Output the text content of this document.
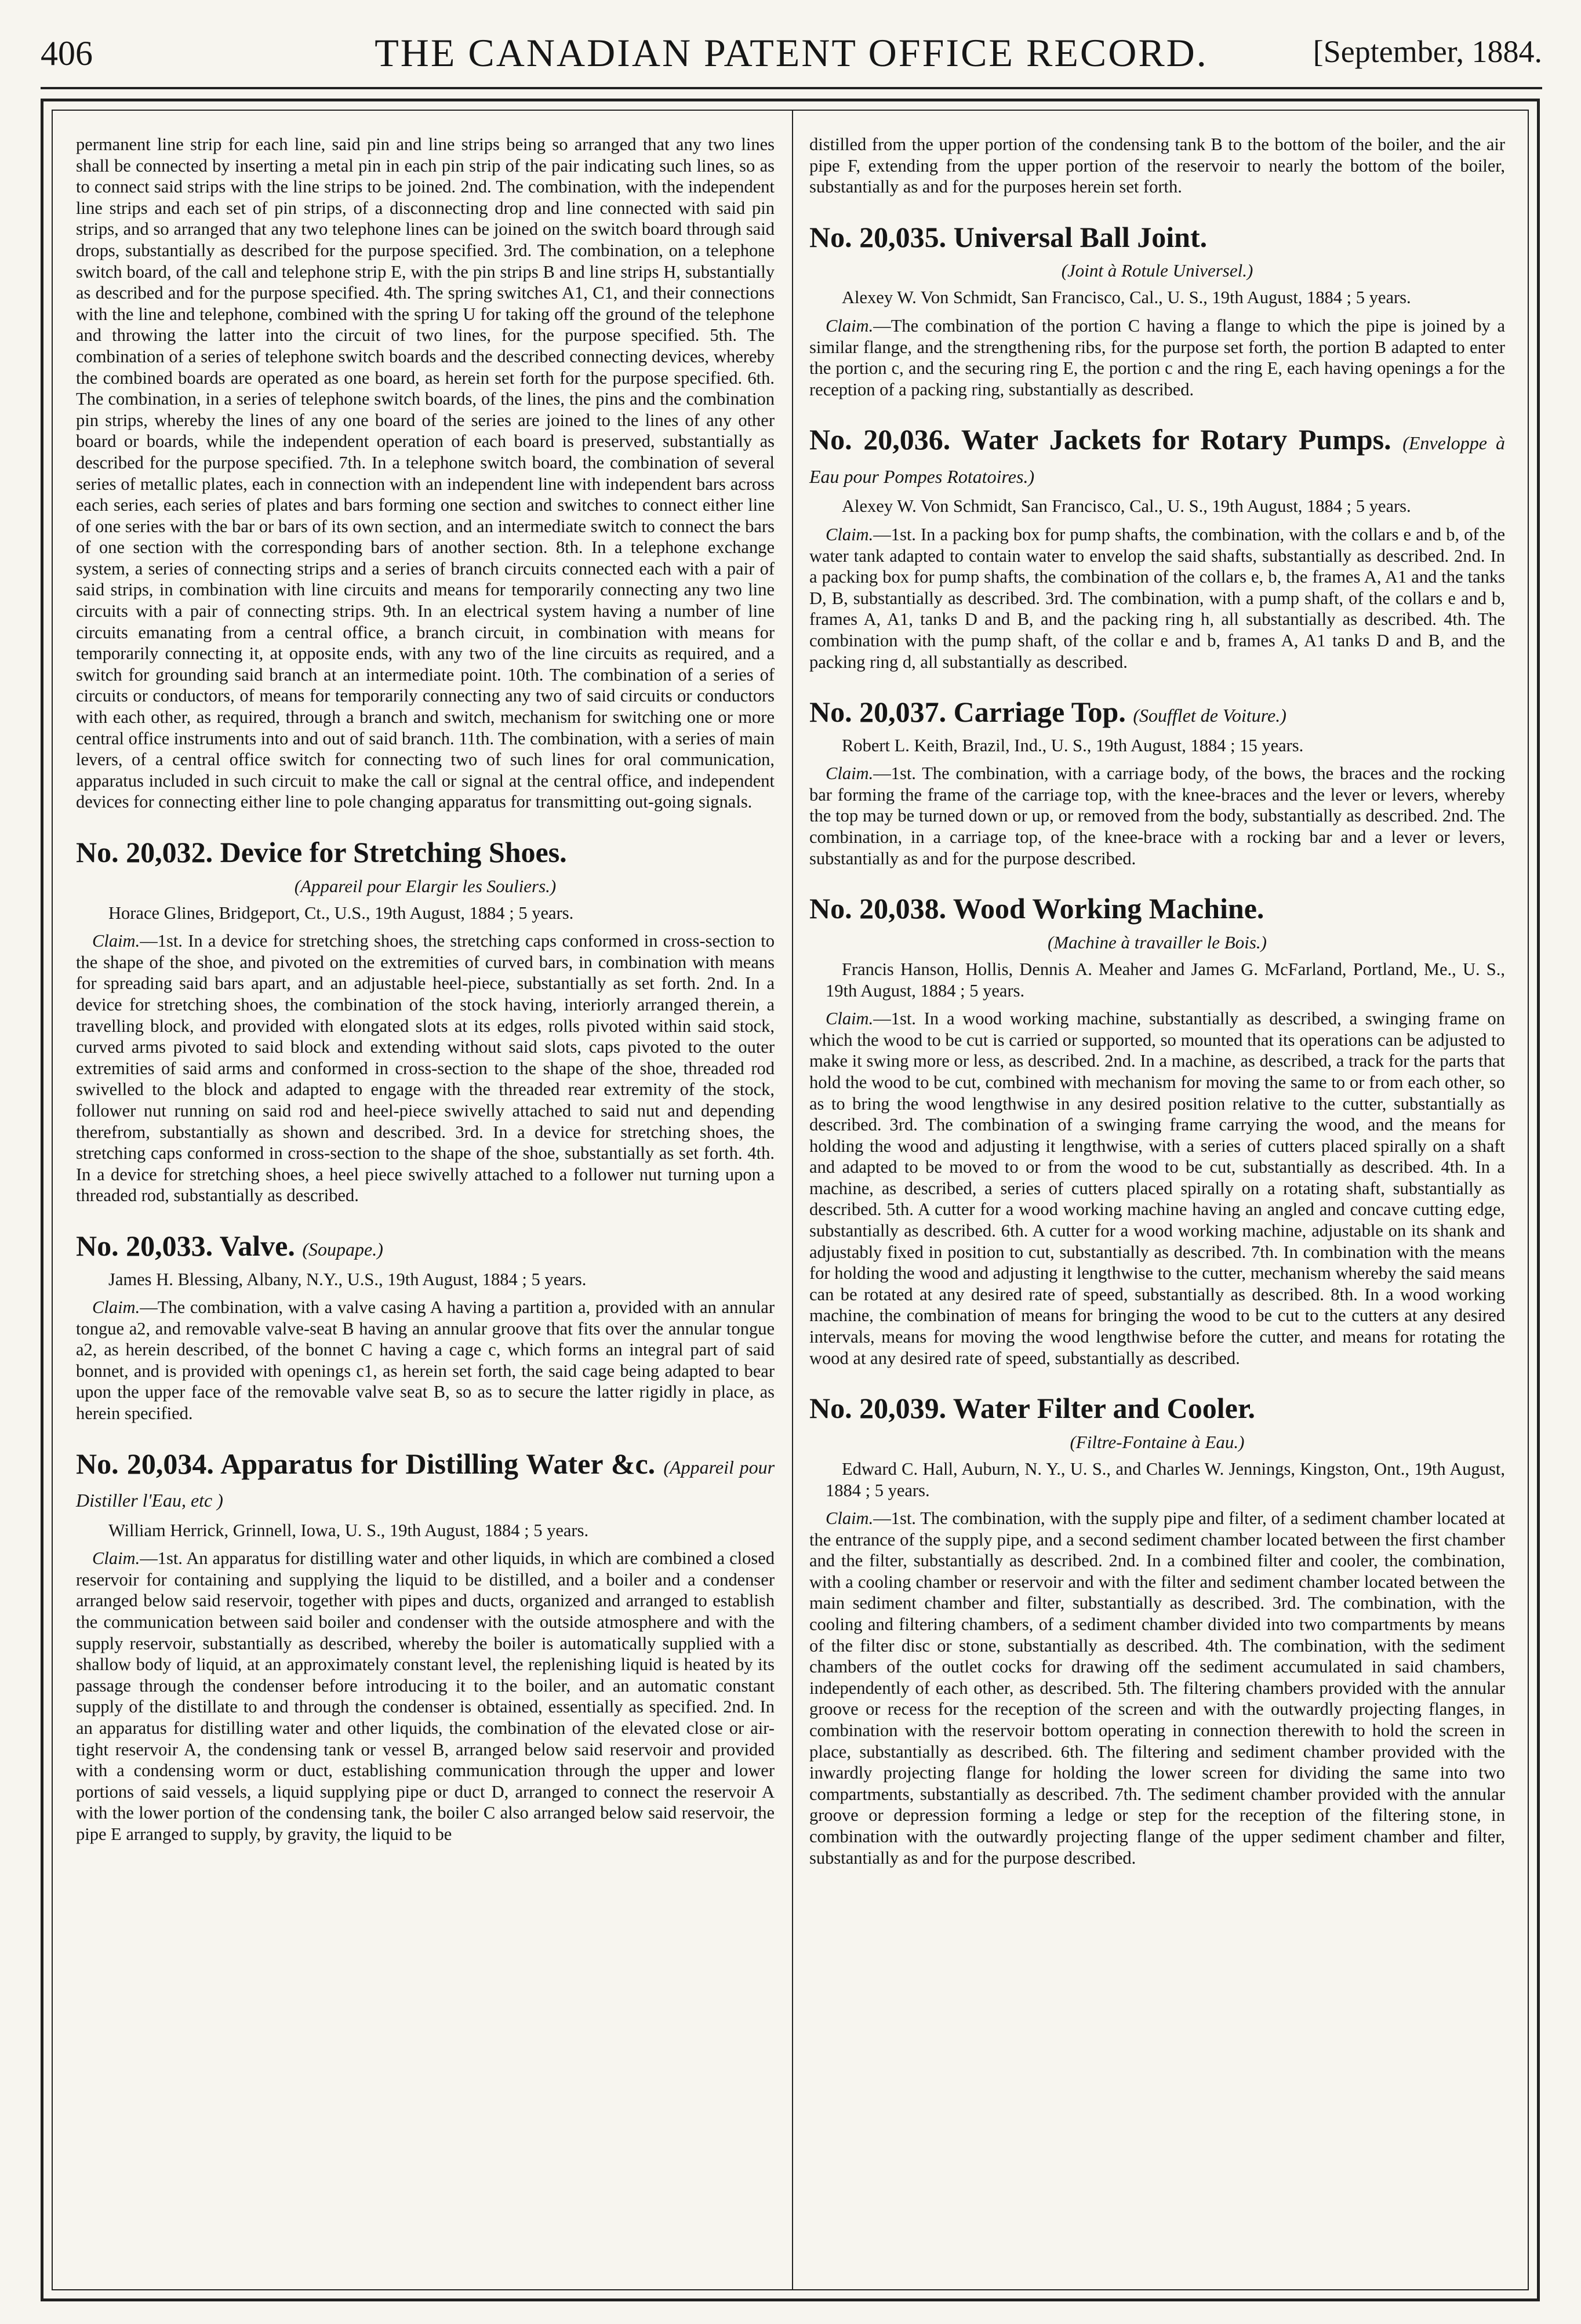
406	THE CANADIAN PATENT OFFICE RECORD.	[September, 1884.

permanent line strip for each line, said pin and line strips being so arranged that any two lines shall be connected by inserting a metal pin in each pin strip of the pair indicating such lines, so as to connect said strips with the line strips to be joined. 2nd. The combination, with the independent line strips and each set of pin strips, of a disconnecting drop and line connected with said pin strips, and so arranged that any two telephone lines can be joined on the switch board through said drops, substantially as described for the purpose specified. 3rd. The combination, on a telephone switch board, of the call and telephone strip E, with the pin strips B and line strips H, substantially as described and for the purpose specified. 4th. The spring switches A1, C1, and their connections with the line and telephone, combined with the spring U for taking off the ground of the telephone and throwing the latter into the circuit of two lines, for the purpose specified. 5th. The combination of a series of telephone switch boards and the described connecting devices, whereby the combined boards are operated as one board, as herein set forth for the purpose specified. 6th. The combination, in a series of telephone switch boards, of the lines, the pins and the combination pin strips, whereby the lines of any one board of the series are joined to the lines of any other board or boards, while the independent operation of each board is preserved, substantially as described for the purpose specified. 7th. In a telephone switch board, the combination of several series of metallic plates, each in connection with an independent line with independent bars across each series, each series of plates and bars forming one section and switches to connect either line of one series with the bar or bars of its own section, and an intermediate switch to connect the bars of one section with the corresponding bars of another section. 8th. In a telephone exchange system, a series of connecting strips and a series of branch circuits connected each with a pair of said strips, in combination with line circuits and means for temporarily connecting any two line circuits with a pair of connecting strips. 9th. In an electrical system having a number of line circuits emanating from a central office, a branch circuit, in combination with means for temporarily connecting it, at opposite ends, with any two of the line circuits as required, and a switch for grounding said branch at an intermediate point. 10th. The combination of a series of circuits or conductors, of means for temporarily connecting any two of said circuits or conductors with each other, as required, through a branch and switch, mechanism for switching one or more central office instruments into and out of said branch. 11th. The combination, with a series of main levers, of a central office switch for connecting two of such lines for oral communication, apparatus included in such circuit to make the call or signal at the central office, and independent devices for connecting either line to pole changing apparatus for transmitting out-going signals.

No. 20,032. Device for Stretching Shoes.
(Appareil pour Elargir les Souliers.)

Horace Glines, Bridgeport, Ct., U.S., 19th August, 1884 ; 5 years.

Claim.—1st. In a device for stretching shoes, the stretching caps conformed in cross-section to the shape of the shoe, and pivoted on the extremities of curved bars, in combination with means for spreading said bars apart, and an adjustable heel-piece, substantially as set forth. 2nd. In a device for stretching shoes, the combination of the stock having, interiorly arranged therein, a travelling block, and provided with elongated slots at its edges, rolls pivoted within said stock, curved arms pivoted to said block and extending without said slots, caps pivoted to the outer extremities of said arms and conformed in cross-section to the shape of the shoe, threaded rod swivelled to the block and adapted to engage with the threaded rear extremity of the stock, follower nut running on said rod and heel-piece swivelly attached to said nut and depending therefrom, substantially as shown and described. 3rd. In a device for stretching shoes, the stretching caps conformed in cross-section to the shape of the shoe, substantially as set forth. 4th. In a device for stretching shoes, a heel piece swivelly attached to a follower nut turning upon a threaded rod, substantially as described.

No. 20,033. Valve. (Soupape.)

James H. Blessing, Albany, N.Y., U.S., 19th August, 1884 ; 5 years.

Claim.—The combination, with a valve casing A having a partition a, provided with an annular tongue a2, and removable valve-seat B having an annular groove that fits over the annular tongue a2, as herein described, of the bonnet C having a cage c, which forms an integral part of said bonnet, and is provided with openings c1, as herein set forth, the said cage being adapted to bear upon the upper face of the removable valve seat B, so as to secure the latter rigidly in place, as herein specified.

No. 20,034. Apparatus for Distilling Water &c. (Appareil pour Distiller l'Eau, etc )

William Herrick, Grinnell, Iowa, U. S., 19th August, 1884 ; 5 years.

Claim.—1st. An apparatus for distilling water and other liquids, in which are combined a closed reservoir for containing and supplying the liquid to be distilled, and a boiler and a condenser arranged below said reservoir, together with pipes and ducts, organized and arranged to establish the communication between said boiler and condenser with the outside atmosphere and with the supply reservoir, substantially as described, whereby the boiler is automatically supplied with a shallow body of liquid, at an approximately constant level, the replenishing liquid is heated by its passage through the condenser before introducing it to the boiler, and an automatic constant supply of the distillate to and through the condenser is obtained, essentially as specified. 2nd. In an apparatus for distilling water and other liquids, the combination of the elevated close or air-tight reservoir A, the condensing tank or vessel B, arranged below said reservoir and provided with a condensing worm or duct, establishing communication through the upper and lower portions of said vessels, a liquid supplying pipe or duct D, arranged to connect the reservoir A with the lower portion of the condensing tank, the boiler C also arranged below said reservoir, the pipe E arranged to supply, by gravity, the liquid to be

distilled from the upper portion of the condensing tank B to the bottom of the boiler, and the air pipe F, extending from the upper portion of the reservoir to nearly the bottom of the boiler, substantially as and for the purposes herein set forth.

No. 20,035. Universal Ball Joint.
(Joint à Rotule Universel.)

Alexey W. Von Schmidt, San Francisco, Cal., U. S., 19th August, 1884 ; 5 years.

Claim.—The combination of the portion C having a flange to which the pipe is joined by a similar flange, and the strengthening ribs, for the purpose set forth, the portion B adapted to enter the portion c, and the securing ring E, the portion c and the ring E, each having openings a for the reception of a packing ring, substantially as described.

No. 20,036. Water Jackets for Rotary Pumps. (Enveloppe à Eau pour Pompes Rotatoires.)

Alexey W. Von Schmidt, San Francisco, Cal., U. S., 19th August, 1884 ; 5 years.

Claim.—1st. In a packing box for pump shafts, the combination, with the collars e and b, of the water tank adapted to contain water to envelop the said shafts, substantially as described. 2nd. In a packing box for pump shafts, the combination of the collars e, b, the frames A, A1 and the tanks D, B, substantially as described. 3rd. The combination, with a pump shaft, of the collars e and b, frames A, A1, tanks D and B, and the packing ring h, all substantially as described. 4th. The combination with the pump shaft, of the collar e and b, frames A, A1 tanks D and B, and the packing ring d, all substantially as described.

No. 20,037. Carriage Top. (Soufflet de Voiture.)

Robert L. Keith, Brazil, Ind., U. S., 19th August, 1884 ; 15 years.

Claim.—1st. The combination, with a carriage body, of the bows, the braces and the rocking bar forming the frame of the carriage top, with the knee-braces and the lever or levers, whereby the top may be turned down or up, or removed from the body, substantially as described. 2nd. The combination, in a carriage top, of the knee-brace with a rocking bar and a lever or levers, substantially as and for the purpose described.

No. 20,038. Wood Working Machine.
(Machine à travailler le Bois.)

Francis Hanson, Hollis, Dennis A. Meaher and James G. McFarland, Portland, Me., U. S., 19th August, 1884 ; 5 years.

Claim.—1st. In a wood working machine, substantially as described, a swinging frame on which the wood to be cut is carried or supported, so mounted that its operations can be adjusted to make it swing more or less, as described. 2nd. In a machine, as described, a track for the parts that hold the wood to be cut, combined with mechanism for moving the same to or from each other, so as to bring the wood lengthwise in any desired position relative to the cutter, substantially as described. 3rd. The combination of a swinging frame carrying the wood, and the means for holding the wood and adjusting it lengthwise, with a series of cutters placed spirally on a shaft and adapted to be moved to or from the wood to be cut, substantially as described. 4th. In a machine, as described, a series of cutters placed spirally on a rotating shaft, substantially as described. 5th. A cutter for a wood working machine having an angled and concave cutting edge, substantially as described. 6th. A cutter for a wood working machine, adjustable on its shank and adjustably fixed in position to cut, substantially as described. 7th. In combination with the means for holding the wood and adjusting it lengthwise to the cutter, mechanism whereby the said means can be rotated at any desired rate of speed, substantially as described. 8th. In a wood working machine, the combination of means for bringing the wood to be cut to the cutters at any desired intervals, means for moving the wood lengthwise before the cutter, and means for rotating the wood at any desired rate of speed, substantially as described.

No. 20,039. Water Filter and Cooler.
(Filtre-Fontaine à Eau.)

Edward C. Hall, Auburn, N. Y., U. S., and Charles W. Jennings, Kingston, Ont., 19th August, 1884 ; 5 years.

Claim.—1st. The combination, with the supply pipe and filter, of a sediment chamber located at the entrance of the supply pipe, and a second sediment chamber located between the first chamber and the filter, substantially as described. 2nd. In a combined filter and cooler, the combination, with a cooling chamber or reservoir and with the filter and sediment chamber located between the main sediment chamber and filter, substantially as described. 3rd. The combination, with the cooling and filtering chambers, of a sediment chamber divided into two compartments by means of the filter disc or stone, substantially as described. 4th. The combination, with the sediment chambers of the outlet cocks for drawing off the sediment accumulated in said chambers, independently of each other, as described. 5th. The filtering chambers provided with the annular groove or recess for the reception of the screen and with the outwardly projecting flanges, in combination with the reservoir bottom operating in connection therewith to hold the screen in place, substantially as described. 6th. The filtering and sediment chamber provided with the inwardly projecting flange for holding the lower screen for dividing the same into two compartments, substantially as described. 7th. The sediment chamber provided with the annular groove or depression forming a ledge or step for the reception of the filtering stone, in combination with the outwardly projecting flange of the upper sediment chamber and filter, substantially as and for the purpose described.
